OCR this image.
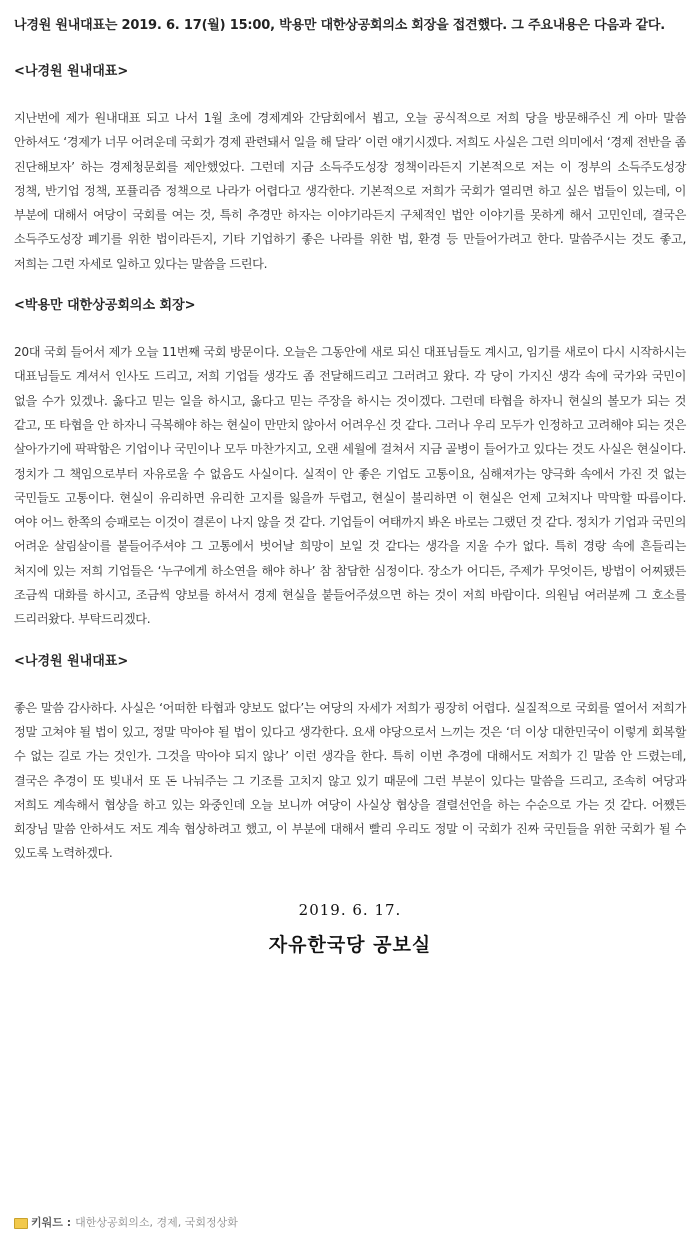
나경원 원내대표는 2019. 6. 17(월) 15:00, 박용만 대한상공회의소 회장을 접견했다. 그 주요내용은 다음과 같다.

<나경원 원내대표>

지난번에 제가 원내대표 되고 나서 1월 초에 경제계와 간담회에서 뵙고, 오늘 공식적으로 저희 당을 방문해주신 게 아마 말씀 안하셔도 ‘경제가 너무 어려운데 국회가 경제 관련돼서 일을 해 달라’ 이런 얘기시겠다. 저희도 사실은 그런 의미에서 ‘경제 전반을 좀 진단해보자’ 하는 경제청문회를 제안했었다. 그런데 지금 소득주도성장 정책이라든지 기본적으로 저는 이 정부의 소득주도성장 정책, 반기업 정책, 포퓰리즘 정책으로 나라가 어렵다고 생각한다. 기본적으로 저희가 국회가 열리면 하고 싶은 법들이 있는데, 이 부분에 대해서 여당이 국회를 여는 것, 특히 추경만 하자는 이야기라든지 구체적인 법안 이야기를 못하게 해서 고민인데, 결국은 소득주도성장 폐기를 위한 법이라든지, 기타 기업하기 좋은 나라를 위한 법, 환경 등 만들어가려고 한다. 말씀주시는 것도 좋고, 저희는 그런 자세로 일하고 있다는 말씀을 드린다.

<박용만 대한상공회의소 회장>

20대 국회 들어서 제가 오늘 11번째 국회 방문이다. 오늘은 그동안에 새로 되신 대표님들도 계시고, 임기를 새로이 다시 시작하시는 대표님들도 계셔서 인사도 드리고, 저희 기업들 생각도 좀 전달해드리고 그러려고 왔다. 각 당이 가지신 생각 속에 국가와 국민이 없을 수가 있겠나. 옳다고 믿는 일을 하시고, 옳다고 믿는 주장을 하시는 것이겠다. 그런데 타협을 하자니 현실의 볼모가 되는 것 같고, 또 타협을 안 하자니 극복해야 하는 현실이 만만치 않아서 어려우신 것 같다. 그러나 우리 모두가 인정하고 고려해야 되는 것은 살아가기에 팍팍함은 기업이나 국민이나 모두 마찬가지고, 오랜 세월에 걸쳐서 지금 골병이 들어가고 있다는 것도 사실은 현실이다. 정치가 그 책임으로부터 자유로울 수 없음도 사실이다. 실적이 안 좋은 기업도 고통이요, 심해져가는 양극화 속에서 가진 것 없는 국민들도 고통이다. 현실이 유리하면 유리한 고지를 잃을까 두렵고, 현실이 불리하면 이 현실은 언제 고쳐지나 막막할 따름이다. 여야 어느 한쪽의 승패로는 이것이 결론이 나지 않을 것 같다. 기업들이 여태까지 봐온 바로는 그랬던 것 같다. 정치가 기업과 국민의 어려운 살림살이를 붙들어주셔야 그 고통에서 벗어날 희망이 보일 것 같다는 생각을 지울 수가 없다. 특히 경랑 속에 흔들리는 처지에 있는 저희 기업들은 ‘누구에게 하소연을 해야 하나’ 참 참담한 심정이다. 장소가 어디든, 주제가 무엇이든, 방법이 어찌됐든 조금씩 대화를 하시고, 조금씩 양보를 하셔서 경제 현실을 붙들어주셨으면 하는 것이 저희 바람이다. 의원님 여러분께 그 호소를 드리러왔다. 부탁드리겠다.

<나경원 원내대표>

좋은 말씀 감사하다. 사실은 ‘어떠한 타협과 양보도 없다’는 여당의 자세가 저희가 굉장히 어렵다. 실질적으로 국회를 열어서 저희가 정말 고쳐야 될 법이 있고, 정말 막아야 될 법이 있다고 생각한다. 요새 야당으로서 느끼는 것은 ‘더 이상 대한민국이 이렇게 회복할 수 없는 길로 가는 것인가. 그것을 막아야 되지 않나’ 이런 생각을 한다. 특히 이번 추경에 대해서도 저희가 긴 말씀 안 드렸는데, 결국은 추경이 또 빚내서 또 돈 나눠주는 그 기조를 고치지 않고 있기 때문에 그런 부분이 있다는 말씀을 드리고, 조속히 여당과 저희도 계속해서 협상을 하고 있는 와중인데 오늘 보니까 여당이 사실상 협상을 결렬선언을 하는 수순으로 가는 것 같다. 어쨌든 회장님 말씀 안하셔도 저도 계속 협상하려고 했고, 이 부분에 대해서 빨리 우리도 정말 이 국회가 진짜 국민들을 위한 국회가 될 수 있도록 노력하겠다.

2019. 6. 17.

자유한국당 공보실

키워드 : 대한상공회의소, 경제, 국회정상화
